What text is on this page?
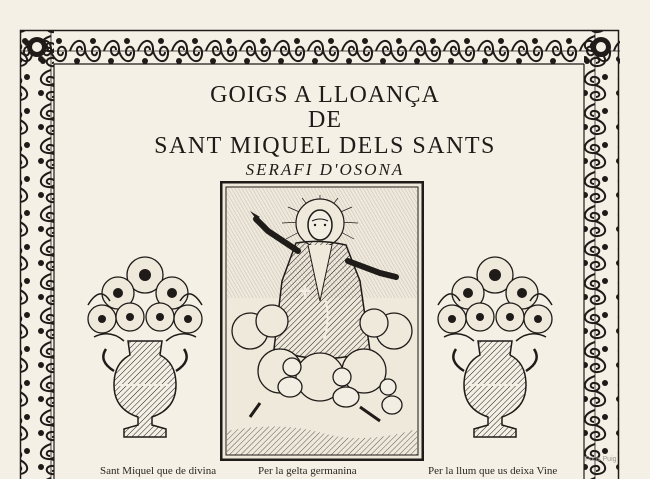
GOIGS A LLOANÇA
DE
SANT MIQUEL DELS SANTS
SERAFI D'OSONA
Sant Miquel que de divina	Per la gelta germanina	Per la llum que us deixa Vine
Fons Puig
